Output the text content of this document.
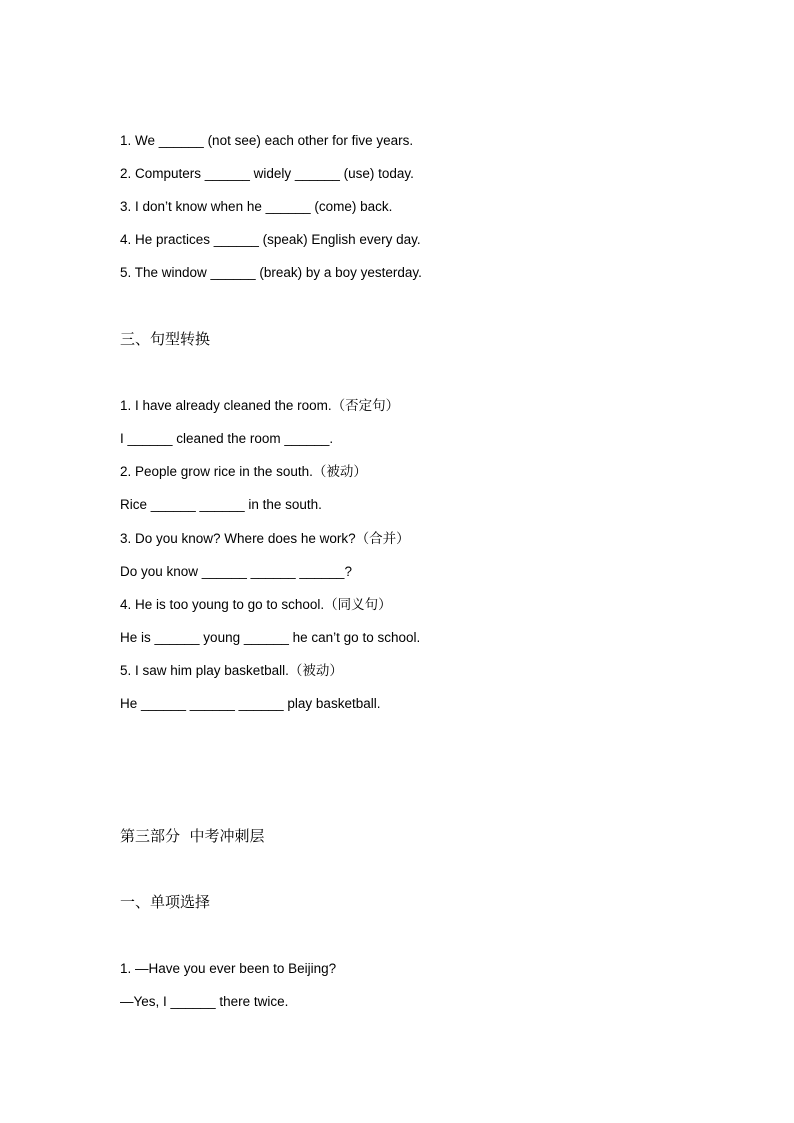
1. We ______ (not see) each other for five years.
2. Computers ______ widely ______ (use) today.
3. I don’t know when he ______ (come) back.
4. He practices ______ (speak) English every day.
5. The window ______ (break) by a boy yesterday.
三、句型转换
1. I have already cleaned the room.（否定句）
I ______ cleaned the room ______.
2. People grow rice in the south.（被动）
Rice ______ ______ in the south.
3. Do you know? Where does he work?（合并）
Do you know ______ ______ ______?
4. He is too young to go to school.（同义句）
He is ______ young ______ he can’t go to school.
5. I saw him play basketball.（被动）
He ______ ______ ______ play basketball.
第三部分  中考冲刺层
一、单项选择
1. —Have you ever been to Beijing?
—Yes, I ______ there twice.
